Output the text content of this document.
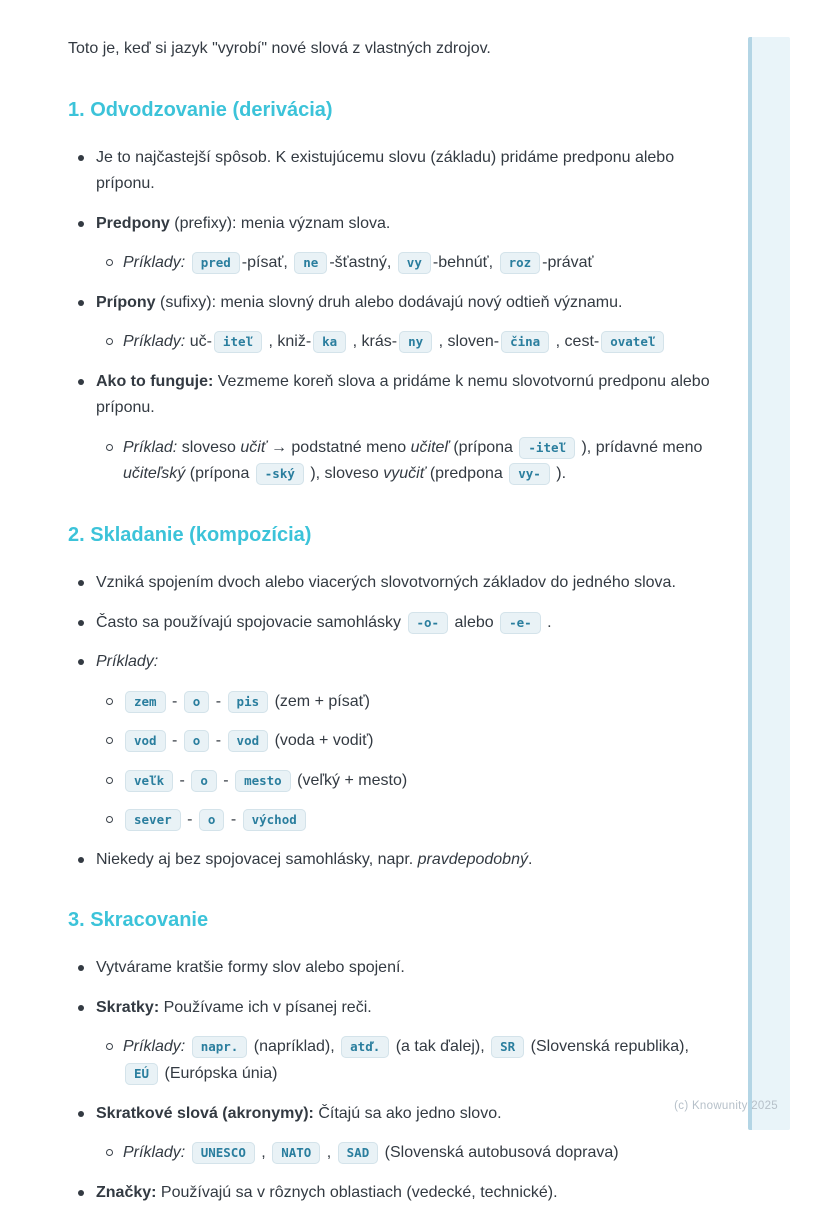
Toto je, keď si jazyk "vyrobí" nové slová z vlastných zdrojov.

1. Odvodzovanie (derivácia)
Je to najčastejší spôsob. K existujúcemu slovu (základu) pridáme predponu alebo príponu.
Predpony (prefixy): menia význam slova.
Príklady: pred -písať, ne -šťastný, vy -behnúť, roz -právať
Prípony (sufixy): menia slovný druh alebo dodávajú nový odtieň významu.
Príklady: uč- iteľ , kniž- ka , krás- ny , sloven- čina , cest- ovateľ
Ako to funguje: Vezmeme koreň slova a pridáme k nemu slovotvornú predponu alebo príponu.
Príklad: sloveso učiť → podstatné meno učiteľ (prípona -iteľ ), prídavné meno učiteľský (prípona -ský ), sloveso vyučiť (predpona vy- ).
2. Skladanie (kompozícia)
Vzniká spojením dvoch alebo viacerých slovotvorných základov do jedného slova.
Často sa používajú spojovacie samohlásky -o- alebo -e- .
Príklady:
zem - o - pis (zem + písať)
vod - o - vod (voda + vodiť)
veľk - o - mesto (veľký + mesto)
sever - o - východ
Niekedy aj bez spojovacej samohlásky, napr. pravdepodobný.
3. Skracovanie
Vytvárame kratšie formy slov alebo spojení.
Skratky: Používame ich v písanej reči.
Príklady: napr. (napríklad), atď. (a tak ďalej), SR (Slovenská republika), EÚ (Európska únia)
Skratkové slová (akronymy): Čítajú sa ako jedno slovo.
Príklady: UNESCO , NATO , SAD (Slovenská autobusová doprava)
Značky: Používajú sa v rôznych oblastiach (vedecké, technické).
(c) Knowunity 2025
